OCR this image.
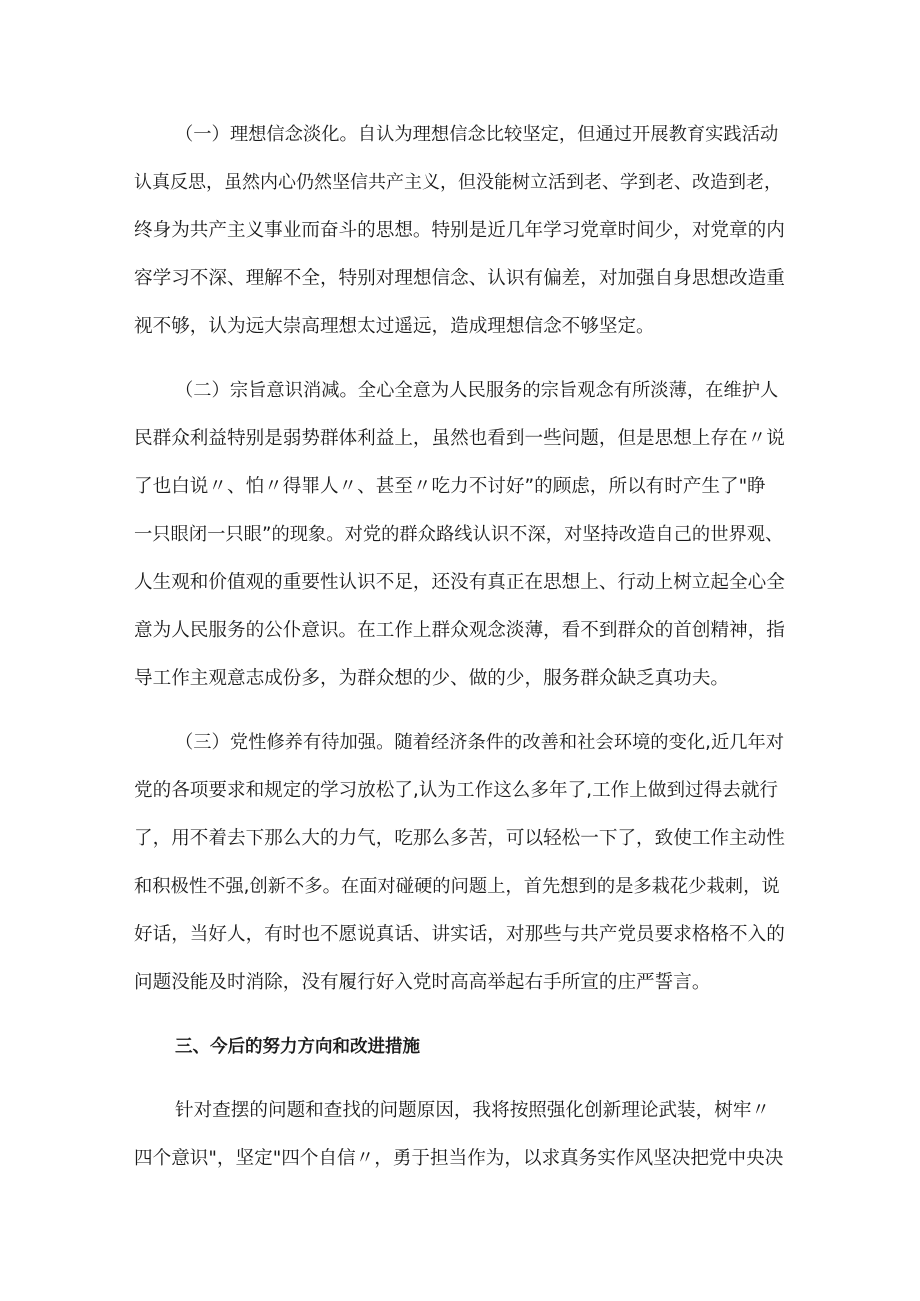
（一）理想信念淡化。自认为理想信念比较坚定，但通过开展教育实践活动
认真反思，虽然内心仍然坚信共产主义，但没能树立活到老、学到老、改造到老，
终身为共产主义事业而奋斗的思想。特别是近几年学习党章时间少，对党章的内
容学习不深、理解不全，特别对理想信念、认识有偏差，对加强自身思想改造重
视不够，认为远大崇高理想太过遥远，造成理想信念不够坚定。
（二）宗旨意识消减。全心全意为人民服务的宗旨观念有所淡薄，在维护人
民群众利益特别是弱势群体利益上，虽然也看到一些问题，但是思想上存在〃说
了也白说〃、怕〃得罪人〃、甚至〃吃力不讨好”的顾虑，所以有时产生了"睁
一只眼闭一只眼”的现象。对党的群众路线认识不深，对坚持改造自己的世界观、
人生观和价值观的重要性认识不足，还没有真正在思想上、行动上树立起全心全
意为人民服务的公仆意识。在工作上群众观念淡薄，看不到群众的首创精神，指
导工作主观意志成份多，为群众想的少、做的少，服务群众缺乏真功夫。
（三）党性修养有待加强。随着经济条件的改善和社会环境的变化,近几年对
党的各项要求和规定的学习放松了,认为工作这么多年了,工作上做到过得去就行
了，用不着去下那么大的力气，吃那么多苦，可以轻松一下了，致使工作主动性
和积极性不强,创新不多。在面对碰硬的问题上，首先想到的是多栽花少栽刺，说
好话，当好人，有时也不愿说真话、讲实话，对那些与共产党员要求格格不入的
问题没能及时消除，没有履行好入党时高高举起右手所宣的庄严誓言。
三、今后的努力方向和改进措施
针对查摆的问题和查找的问题原因，我将按照强化创新理论武装，树牢〃
四个意识"，坚定"四个自信〃，勇于担当作为，以求真务实作风坚决把党中央决
